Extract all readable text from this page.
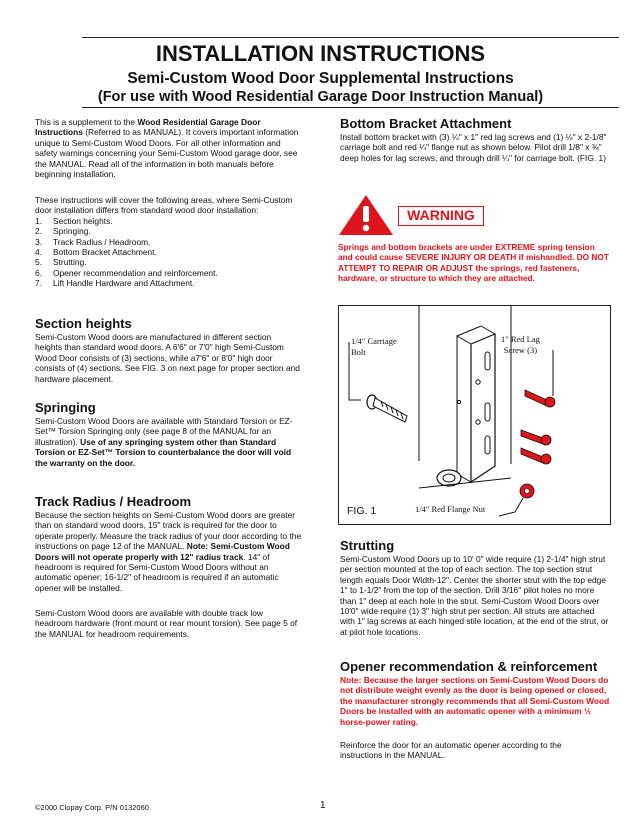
INSTALLATION INSTRUCTIONS
Semi-Custom Wood Door Supplemental Instructions
(For use with Wood Residential Garage Door Instruction Manual)
This is a supplement to the Wood Residential Garage Door Instructions (Referred to as MANUAL). It covers important information unique to Semi-Custom Wood Doors. For all other information and safety warnings concerning your Semi-Custom Wood garage door, see the MANUAL. Read all of the information in both manuals before beginning installation.

These instructions will cover the following areas, where Semi-Custom door installation differs from standard wood door installation:

1. Section heights.
2. Springing.
3. Track Radius / Headroom.
4. Bottom Bracket Attachment.
5. Strutting.
6. Opener recommendation and reinforcement.
7. Lift Handle Hardware and Attachment.
Section heights
Semi-Custom Wood doors are manufactured in different section heights than standard wood doors. A 6'6" or 7'0" high Semi-Custom Wood Door consists of (3) sections, while a7'6" or 8'0" high door consists of (4) sections. See FIG. 3 on next page for proper section and hardware placement.
Springing
Semi-Custom Wood Doors are available with Standard Torsion or EZ-Set™ Torsion Springing only (see page 8 of the MANUAL for an illustration). Use of any springing system other than Standard Torsion or EZ-Set™ Torsion to counterbalance the door will void the warranty on the door.
Track Radius / Headroom
Because the section heights on Semi-Custom Wood doors are greater than on standard wood doors, 15" track is required for the door to operate properly. Measure the track radius of your door according to the instructions on page 12 of the MANUAL. Note: Semi-Custom Wood Doors will not operate properly with 12" radius track. 14" of headroom is required for Semi-Custom Wood Doors without an automatic opener; 16-1/2" of headroom is required if an automatic opener will be installed.
Semi-Custom Wood doors are available with double track low headroom hardware (front mount or rear mount torsion). See page 5 of the MANUAL for headroom requirements.
Bottom Bracket Attachment
Install bottom bracket with (3) ¼" x 1" red lag screws and (1) ¼" x 2-1/8" carriage bolt and red ¼" flange nut as shown below. Pilot drill 1/8" x ¾" deep holes for lag screws, and through drill ¼" for carriage bolt. (FIG. 1)
WARNING
Springs and bottom brackets are under EXTREME spring tension and could cause SEVERE INJURY OR DEATH if mishandled. DO NOT ATTEMPT TO REPAIR OR ADJUST the springs, red fasteners, hardware, or structure to which they are attached.
1/4" Carriage
Bolt
1" Red Lag
Screw (3)
1/4" Red Flange Nut
FIG. 1
Strutting
Semi-Custom Wood Doors up to 10' 0" wide require (1) 2-1/4" high strut per section mounted at the top of each section. The top section strut length equals Door Width-12". Center the shorter strut with the top edge 1" to 1-1/2" from the top of the section. Drill 3/16" pilot holes no more than 1" deep at each hole in the strut. Semi-Custom Wood Doors over 10'0" wide require (1) 3" high strut per section. All struts are attached with 1" lag screws at each hinged stile location, at the end of the strut, or at pilot hole locations.
Opener recommendation & reinforcement
Note: Because the larger sections on Semi-Custom Wood Doors do not distribute weight evenly as the door is being opened or closed, the manufacturer strongly recommends that all Semi-Custom Wood Doors be installed with an automatic opener with a minimum ½ horse-power rating.
Reinforce the door for an automatic opener according to the instructions in the MANUAL.
©2000 Clopay Corp. P/N 0132060	1
